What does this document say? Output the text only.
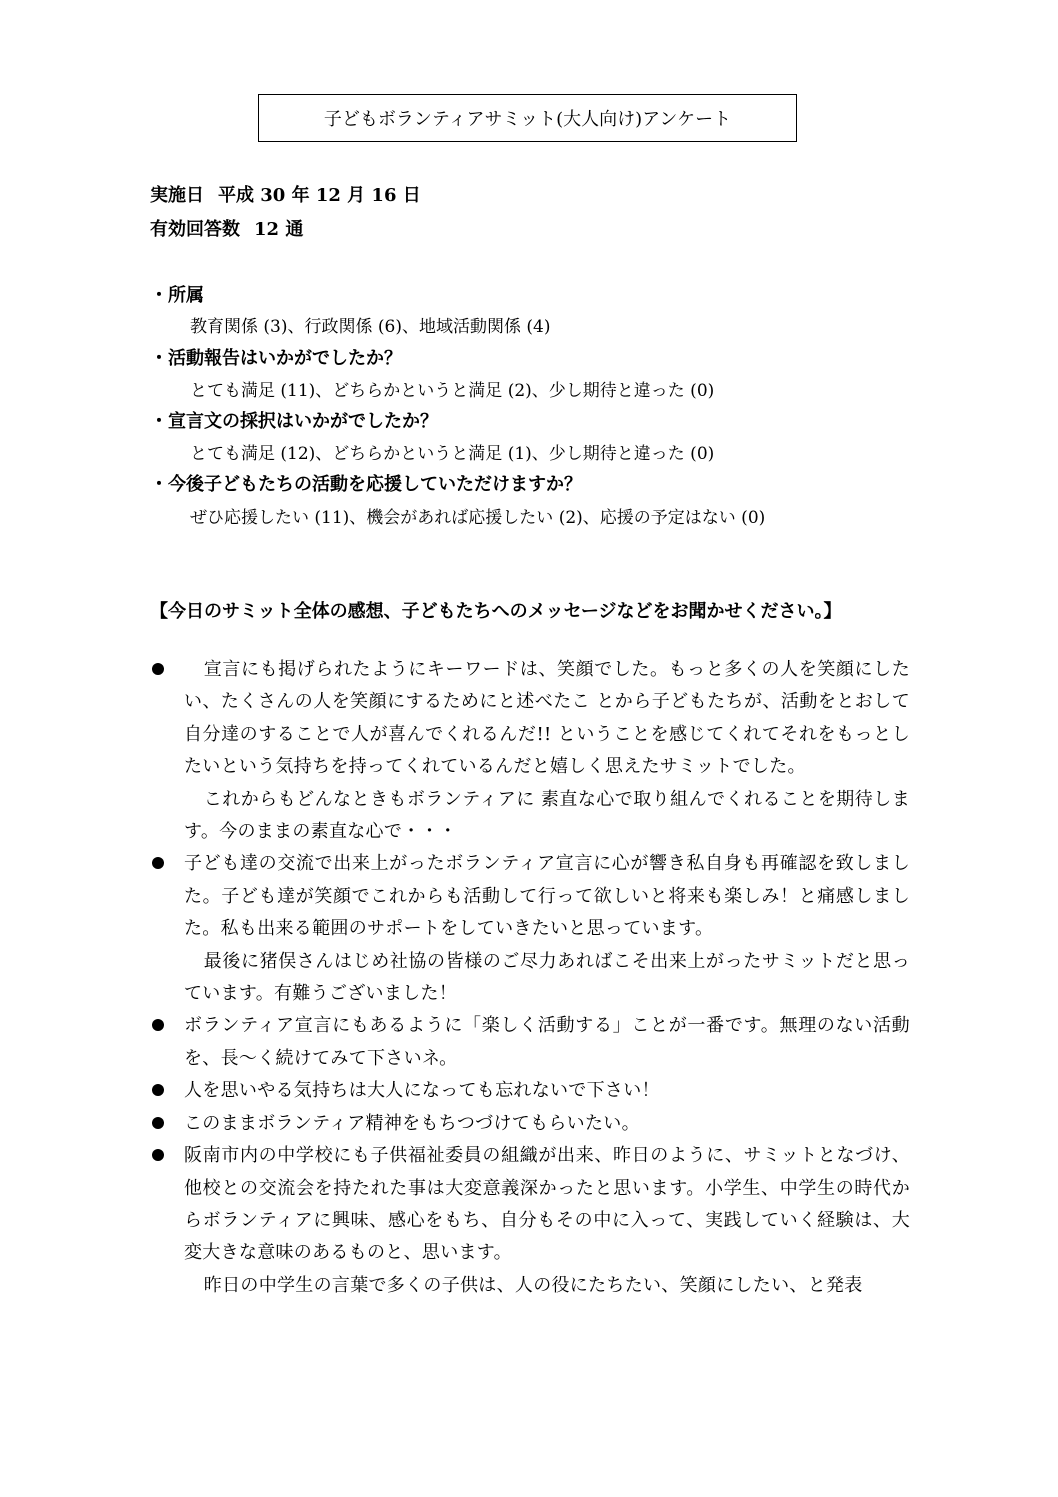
子どもボランティアサミット(大人向け)アンケート
実施日 平成 30 年 12 月 16 日
有効回答数 12 通
・所属
教育関係 (3)、行政関係 (6)、地域活動関係 (4)
・活動報告はいかがでしたか？
とても満足 (11)、どちらかというと満足 (2)、少し期待と違った (0)
・宣言文の採択はいかがでしたか？
とても満足 (12)、どちらかというと満足 (1)、少し期待と違った (0)
・今後子どもたちの活動を応援していただけますか？
ぜひ応援したい (11)、機会があれば応援したい (2)、応援の予定はない (0)
【今日のサミット全体の感想、子どもたちへのメッセージなどをお聞かせください。】

宣言にも掲げられたようにキーワードは、笑顔でした。もっと多くの人を笑顔にしたい、たくさんの人を笑顔にするためにと述べたこ とから子どもたちが、活動をとおして自分達のすることで人が喜んでくれるんだ!! ということを感じてくれてそれをもっとしたいという気持ちを持ってくれているんだと嬉しく思えたサミットでした。

これからもどんなときもボランティアに 素直な心で取り組んでくれることを期待します。今のままの素直な心で・・・

子ども達の交流で出来上がったボランティア宣言に心が響き私自身も再確認を致しました。子ども達が笑顔でこれからも活動して行って欲しいと将来も楽しみ！と痛感しました。私も出来る範囲のサポートをしていきたいと思っています。

最後に猪俣さんはじめ社協の皆様のご尽力あればこそ出来上がったサミットだと思っています。有難うございました！

ボランティア宣言にもあるように「楽しく活動する」ことが一番です。無理のない活動を、長～く続けてみて下さいネ。

人を思いやる気持ちは大人になっても忘れないで下さい！

このままボランティア精神をもちつづけてもらいたい。

阪南市内の中学校にも子供福祉委員の組織が出来、昨日のように、サミットとなづけ、他校との交流会を持たれた事は大変意義深かったと思います。小学生、中学生の時代からボランティアに興味、感心をもち、自分もその中に入って、実践していく経験は、大変大きな意味のあるものと、思います。

昨日の中学生の言葉で多くの子供は、人の役にたちたい、笑顔にしたい、と発表
